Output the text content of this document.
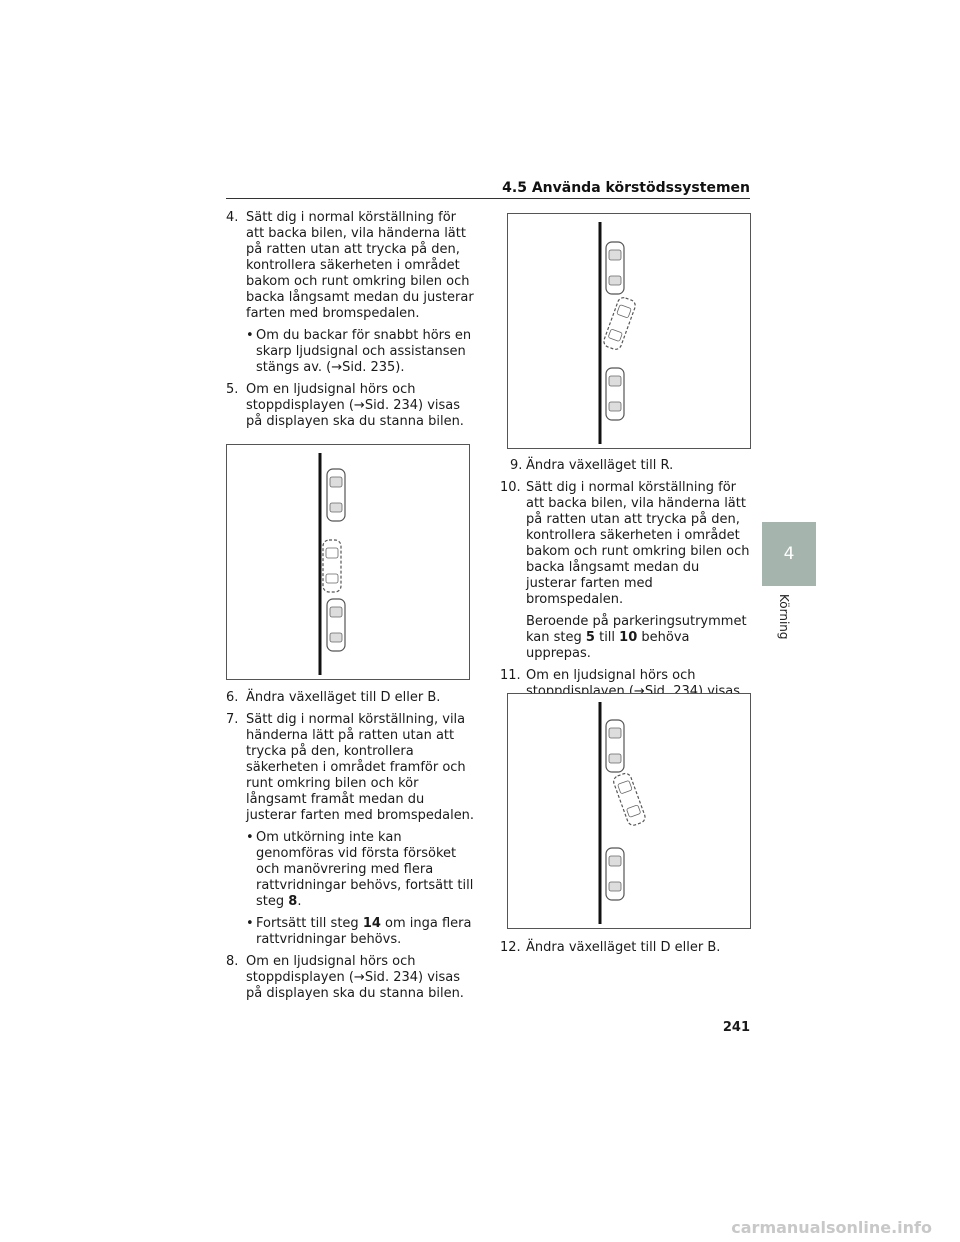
4.5 Använda körstödssystemen
4
Körning
4. Sätt dig i normal körställning för att backa bilen, vila händerna lätt på ratten utan att trycka på den, kontrollera säkerheten i området bakom och runt omkring bilen och backa långsamt medan du justerar farten med bromspedalen.
• Om du backar för snabbt hörs en skarp ljudsignal och assistansen stängs av. (→Sid. 235).
5. Om en ljudsignal hörs och stoppdisplayen (→Sid. 234) visas på displayen ska du stanna bilen.
6. Ändra växelläget till D eller B.
7. Sätt dig i normal körställning, vila händerna lätt på ratten utan att trycka på den, kontrollera säkerheten i området framför och runt omkring bilen och kör långsamt framåt medan du justerar farten med bromspedalen.
• Om utkörning inte kan genomföras vid första försöket och manövrering med flera rattvridningar behövs, fortsätt till steg 8.
• Fortsätt till steg 14 om inga flera rattvridningar behövs.
8. Om en ljudsignal hörs och stoppdisplayen (→Sid. 234) visas på displayen ska du stanna bilen.
9. Ändra växelläget till R.
10. Sätt dig i normal körställning för att backa bilen, vila händerna lätt på ratten utan att trycka på den, kontrollera säkerheten i området bakom och runt omkring bilen och backa långsamt medan du justerar farten med bromspedalen.
Beroende på parkeringsutrymmet kan steg 5 till 10 behöva upprepas.
11. Om en ljudsignal hörs och stoppdisplayen (→Sid. 234) visas på displayen ska du stanna bilen.
12. Ändra växelläget till D eller B.
241
carmanualsonline.info
